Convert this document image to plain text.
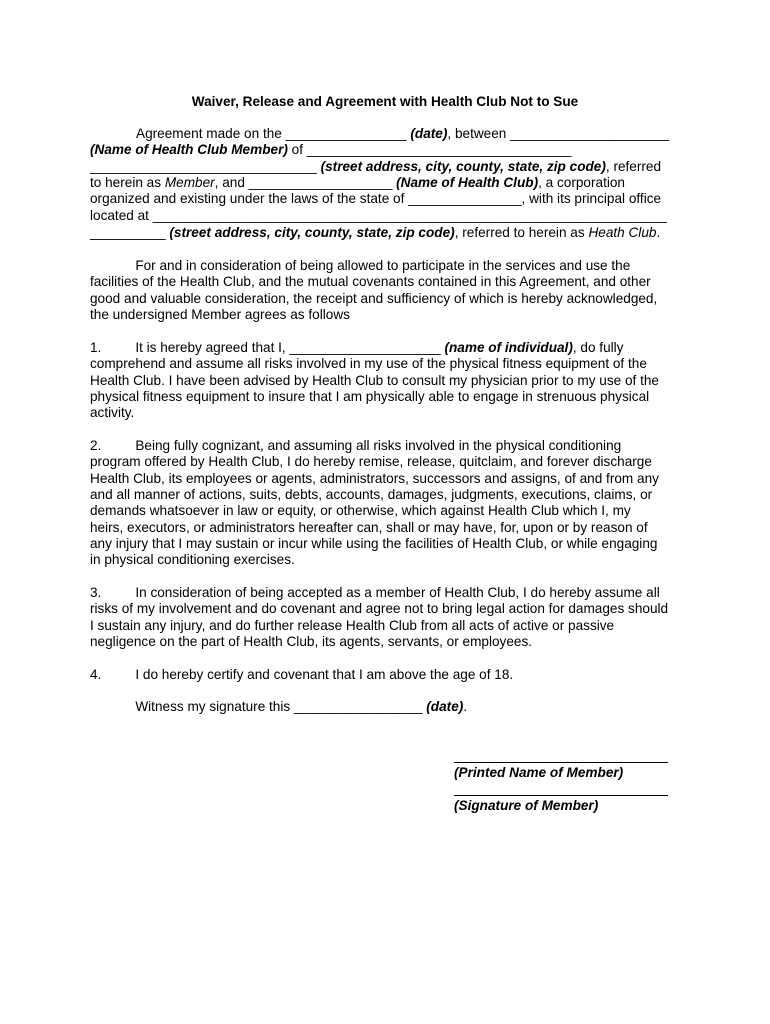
Waiver, Release and Agreement with Health Club Not to Sue
Agreement made on the ________________ (date), between _____________________
(Name of Health Club Member) of ___________________________________
______________________________ (street address, city, county, state, zip code), referred
to herein as Member, and ___________________ (Name of Health Club), a corporation
organized and existing under the laws of the state of _______________, with its principal office
located at ____________________________________________________________________
__________ (street address, city, county, state, zip code), referred to herein as Heath Club.
For and in consideration of being allowed to participate in the services and use the
facilities of the Health Club, and the mutual covenants contained in this Agreement, and other
good and valuable consideration, the receipt and sufficiency of which is hereby acknowledged,
the undersigned Member agrees as follows
1.         It is hereby agreed that I, ____________________ (name of individual), do fully
comprehend and assume all risks involved in my use of the physical fitness equipment of the
Health Club. I have been advised by Health Club to consult my physician prior to my use of the
physical fitness equipment to insure that I am physically able to engage in strenuous physical
activity.
2.         Being fully cognizant, and assuming all risks involved in the physical conditioning
program offered by Health Club, I do hereby remise, release, quitclaim, and forever discharge
Health Club, its employees or agents, administrators, successors and assigns, of and from any
and all manner of actions, suits, debts, accounts, damages, judgments, executions, claims, or
demands whatsoever in law or equity, or otherwise, which against Health Club which I, my
heirs, executors, or administrators hereafter can, shall or may have, for, upon or by reason of
any injury that I may sustain or incur while using the facilities of Health Club, or while engaging
in physical conditioning exercises.
3.         In consideration of being accepted as a member of Health Club, I do hereby assume all
risks of my involvement and do covenant and agree not to bring legal action for damages should
I sustain any injury, and do further release Health Club from all acts of active or passive
negligence on the part of Health Club, its agents, servants, or employees.
4.         I do hereby certify and covenant that I am above the age of 18.
Witness my signature this _________________ (date).
(Printed Name of Member)
(Signature of Member)
